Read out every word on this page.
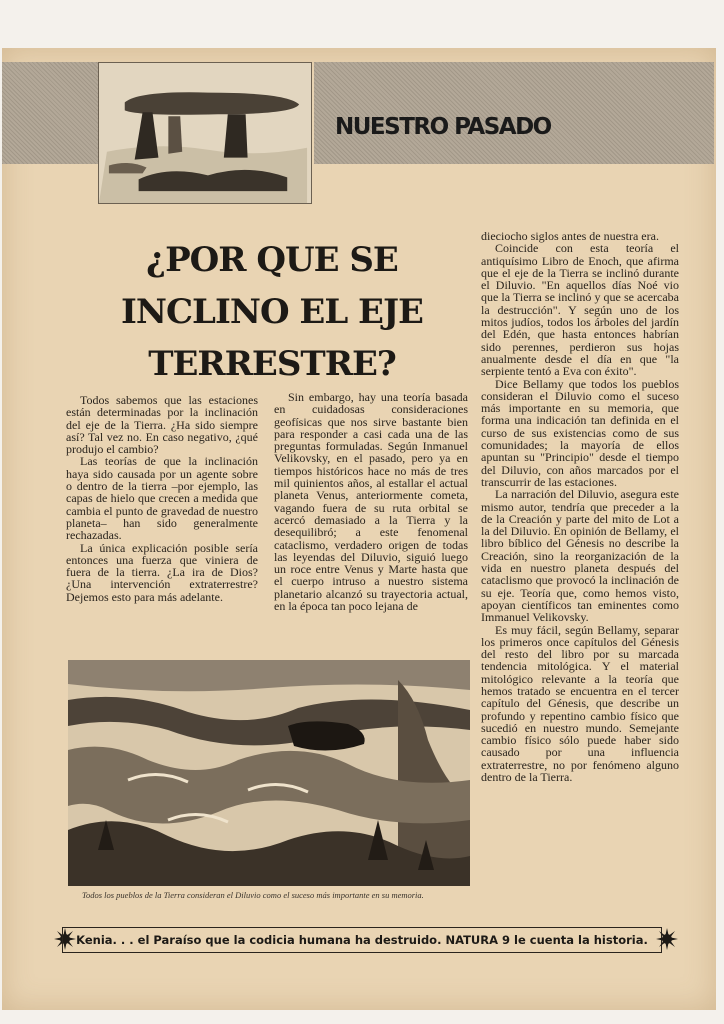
NUESTRO PASADO
¿POR QUE SE
INCLINO EL EJE
TERRESTRE?

Todos sabemos que las estaciones están determinadas por la inclinación del eje de la Tierra. ¿Ha sido siempre así? Tal vez no. En caso negativo, ¿qué produjo el cambio?

Las teorías de que la inclinación haya sido causada por un agente sobre o dentro de la tierra –por ejemplo, las capas de hielo que crecen a medida que cambia el punto de gravedad de nuestro planeta– han sido generalmente rechazadas.

La única explicación posible sería entonces una fuerza que viniera de fuera de la tierra. ¿La ira de Dios? ¿Una intervención extraterrestre? Dejemos esto para más adelante.

Sin embargo, hay una teoría basada en cuidadosas consideraciones geofísicas que nos sirve bastante bien para responder a casi cada una de las preguntas formuladas. Según Inmanuel Velikovsky, en el pasado, pero ya en tiempos históricos hace no más de tres mil quinientos años, al estallar el actual planeta Venus, anteriormente cometa, vagando fuera de su ruta orbital se acercó demasiado a la Tierra y la desequilibró; a este fenomenal cataclismo, verdadero origen de todas las leyendas del Diluvio, siguió luego un roce entre Venus y Marte hasta que el cuerpo intruso a nuestro sistema planetario alcanzó su trayectoria actual, en la época tan poco lejana de

dieciocho siglos antes de nuestra era.

Coincide con esta teoría el antiquísimo Libro de Enoch, que afirma que el eje de la Tierra se inclinó durante el Diluvio. "En aquellos días Noé vio que la Tierra se inclinó y que se acercaba la destrucción". Y según uno de los mitos judíos, todos los árboles del jardín del Edén, que hasta entonces habrían sido perennes, perdieron sus hojas anualmente desde el día en que "la serpiente tentó a Eva con éxito".

Dice Bellamy que todos los pueblos consideran el Diluvio como el suceso más importante en su memoria, que forma una indicación tan definida en el curso de sus existencias como de sus comunidades; la mayoría de ellos apuntan su "Principio" desde el tiempo del Diluvio, con años marcados por el transcurrir de las estaciones.

La narración del Diluvio, asegura este mismo autor, tendría que preceder a la de la Creación y parte del mito de Lot a la del Diluvio. En opinión de Bellamy, el libro bíblico del Génesis no describe la Creación, sino la reorganización de la vida en nuestro planeta después del cataclismo que provocó la inclinación de su eje. Teoría que, como hemos visto, apoyan científicos tan eminentes como Immanuel Velikovsky.

Es muy fácil, según Bellamy, separar los primeros once capítulos del Génesis del resto del libro por su marcada tendencia mitológica. Y el material mitológico relevante a la teoría que hemos tratado se encuentra en el tercer capítulo del Génesis, que describe un profundo y repentino cambio físico que sucedió en nuestro mundo. Semejante cambio físico sólo puede haber sido causado por una influencia extraterrestre, no por fenómeno alguno dentro de la Tierra.

Todos los pueblos de la Tierra consideran el Diluvio como el suceso más importante en su memoria.
Kenia. . . el Paraíso que la codicia humana ha destruido. NATURA 9 le cuenta la historia.
